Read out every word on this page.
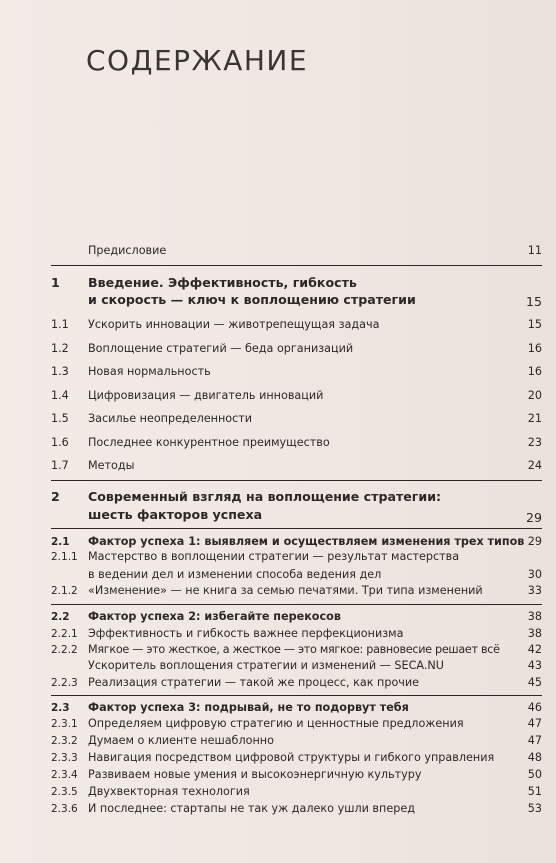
СОДЕРЖАНИЕ
Предисловие	11
1 Введение. Эффективность, гибкость
и скорость — ключ к воплощению стратегии	15
1.1 Ускорить инновации — животрепещущая задача	15
1.2 Воплощение стратегий — беда организаций	16
1.3 Новая нормальность	16
1.4 Цифровизация — двигатель инноваций	20
1.5 Засилье неопределенности	21
1.6 Последнее конкурентное преимущество	23
1.7 Методы	24
2 Современный взгляд на воплощение стратегии:
шесть факторов успеха	29
2.1 Фактор успеха 1: выявляем и осуществляем изменения трех типов 29
2.1.1 Мастерство в воплощении стратегии — результат мастерства
в ведении дел и изменении способа ведения дел	30
2.1.2 «Изменение» — не книга за семью печатями. Три типа изменений	33
2.2 Фактор успеха 2: избегайте перекосов	38
2.2.1 Эффективность и гибкость важнее перфекционизма	38
2.2.2 Мягкое — это жесткое, а жесткое — это мягкое: равновесие решает всё	42
Ускоритель воплощения стратегии и изменений — SECA.NU	43
2.2.3 Реализация стратегии — такой же процесс, как прочие	45
2.3 Фактор успеха 3: подрывай, не то подорвут тебя	46
2.3.1 Определяем цифровую стратегию и ценностные предложения	47
2.3.2 Думаем о клиенте нешаблонно	47
2.3.3 Навигация посредством цифровой структуры и гибкого управления	48
2.3.4 Развиваем новые умения и высокоэнергичную культуру	50
2.3.5 Двухвекторная технология	51
2.3.6 И последнее: стартапы не так уж далеко ушли вперед	53
